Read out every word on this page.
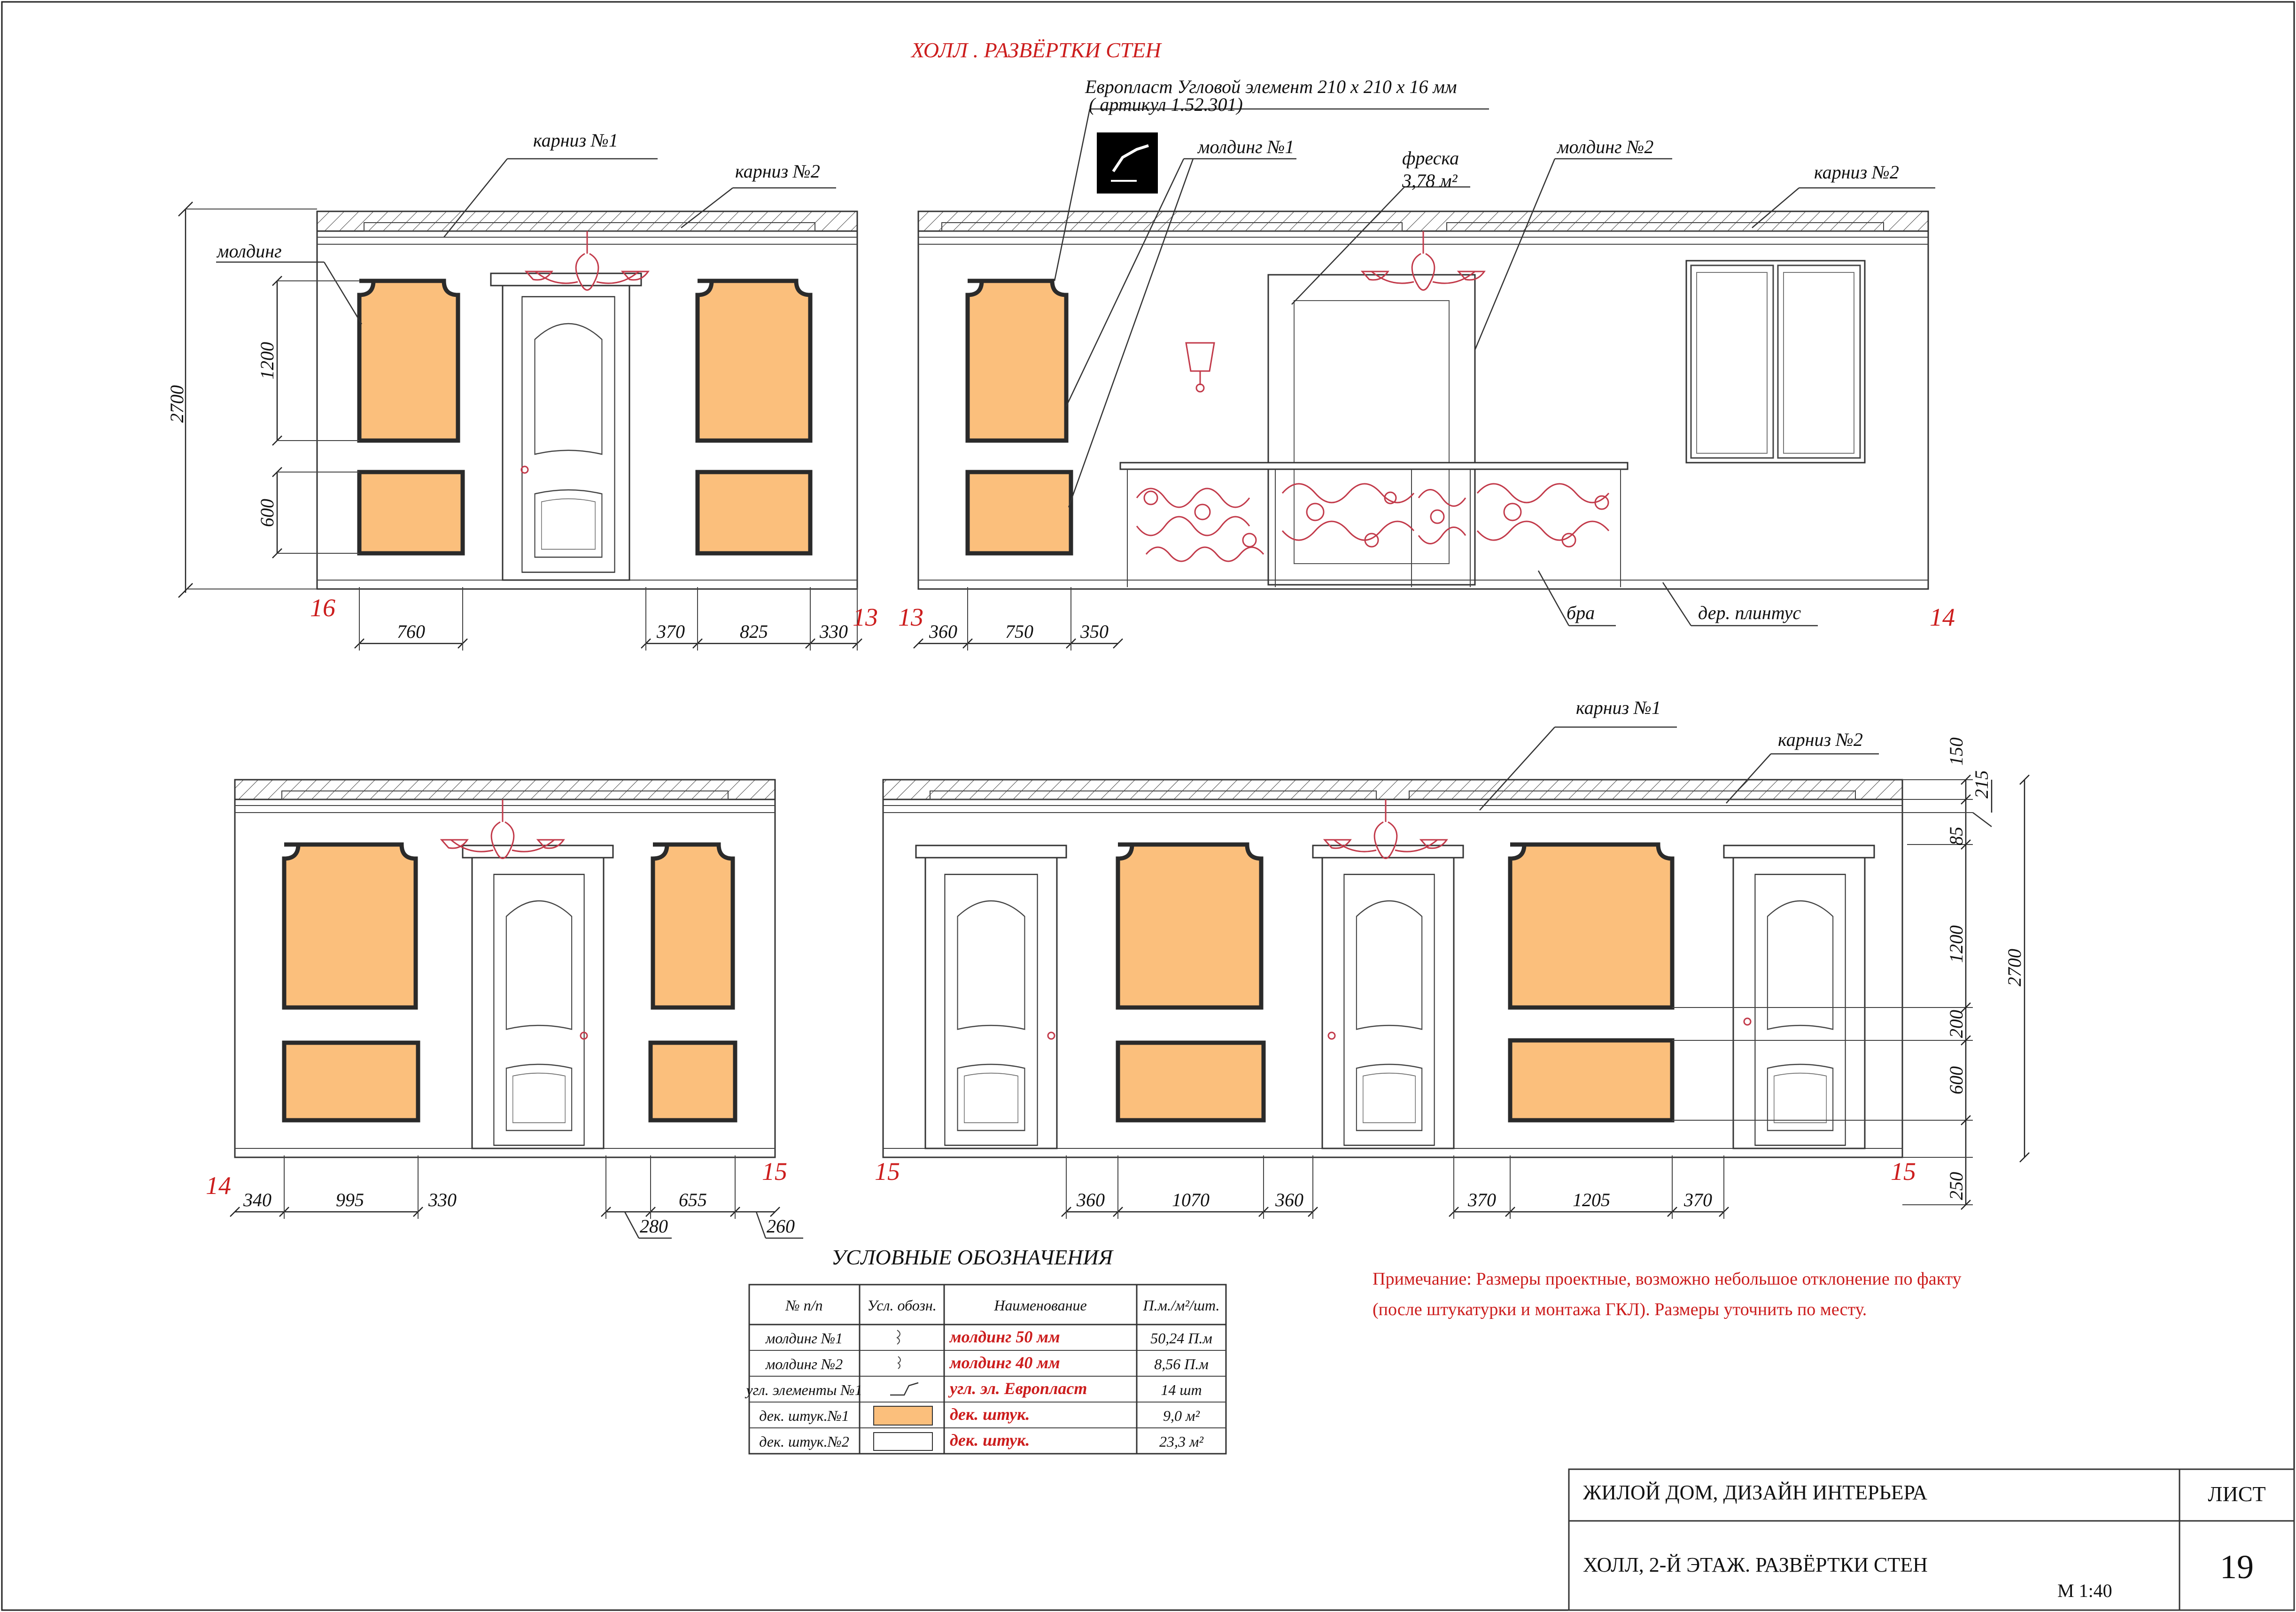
ХОЛЛ . РАЗВЁРТКИ СТЕН
карниз №1
карниз №2
молдинг
2700
1200
600
760	370	825	330
16	13
Европласт Угловой элемент 210 х 210 х 16 мм
( артикул 1.52.301)
молдинг №1
фреска
3,78 м²
молдинг №2
карниз №2
бра	дер. плинтус
360	750	350
13	14
340	995	330	655
280	260
14	15
карниз №1
карниз №2
360	1070	360	370	1205	370
15	15
150
215
85
1200
200
600
250
2700
УСЛОВНЫЕ ОБОЗНАЧЕНИЯ
№ п/п	Усл. обозн.	Наименование	П.м./м²/шт.
молдинг №1	молдинг 50 мм	50,24 П.м
молдинг №2	молдинг 40 мм	8,56 П.м
угл. элементы №1	угл. эл. Европласт	14 шт
дек. штук.№1	дек. штук.	9,0 м²
дек. штук.№2	дек. штук.	23,3 м²
Примечание: Размеры проектные, возможно небольшое отклонение по факту
(после штукатурки и монтажа ГКЛ). Размеры уточнить по месту.
ЖИЛОЙ ДОМ, ДИЗАЙН ИНТЕРЬЕРА	ЛИСТ
ХОЛЛ, 2-Й ЭТАЖ. РАЗВЁРТКИ СТЕН
М 1:40
19
